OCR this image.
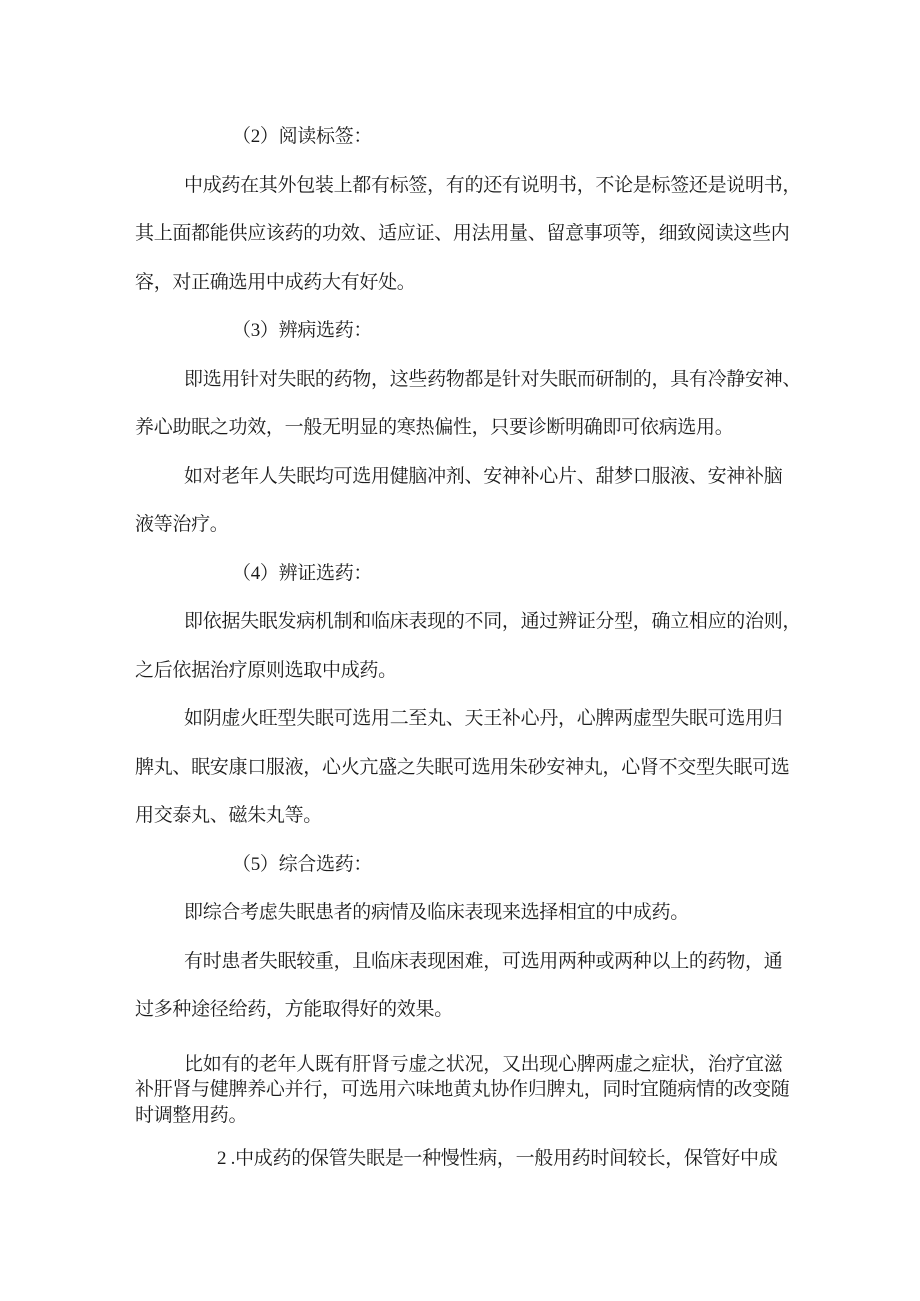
（2）阅读标签：
中成药在其外包装上都有标签，有的还有说明书，不论是标签还是说明书，
其上面都能供应该药的功效、适应证、用法用量、留意事项等，细致阅读这些内
容，对正确选用中成药大有好处。
（3）辨病选药：
即选用针对失眠的药物，这些药物都是针对失眠而研制的，具有冷静安神、
养心助眠之功效，一般无明显的寒热偏性，只要诊断明确即可依病选用。
如对老年人失眠均可选用健脑冲剂、安神补心片、甜梦口服液、安神补脑
液等治疗。
（4）辨证选药：
即依据失眠发病机制和临床表现的不同，通过辨证分型，确立相应的治则，
之后依据治疗原则选取中成药。
如阴虚火旺型失眠可选用二至丸、天王补心丹，心脾两虚型失眠可选用归
脾丸、眠安康口服液，心火亢盛之失眠可选用朱砂安神丸，心肾不交型失眠可选
用交泰丸、磁朱丸等。
（5）综合选药：
即综合考虑失眠患者的病情及临床表现来选择相宜的中成药。
有时患者失眠较重，且临床表现困难，可选用两种或两种以上的药物，通
过多种途径给药，方能取得好的效果。
比如有的老年人既有肝肾亏虚之状况，又出现心脾两虚之症状，治疗宜滋
补肝肾与健脾养心并行，可选用六味地黄丸协作归脾丸，同时宜随病情的改变随
时调整用药。
2 .中成药的保管失眠是一种慢性病，一般用药时间较长，保管好中成
